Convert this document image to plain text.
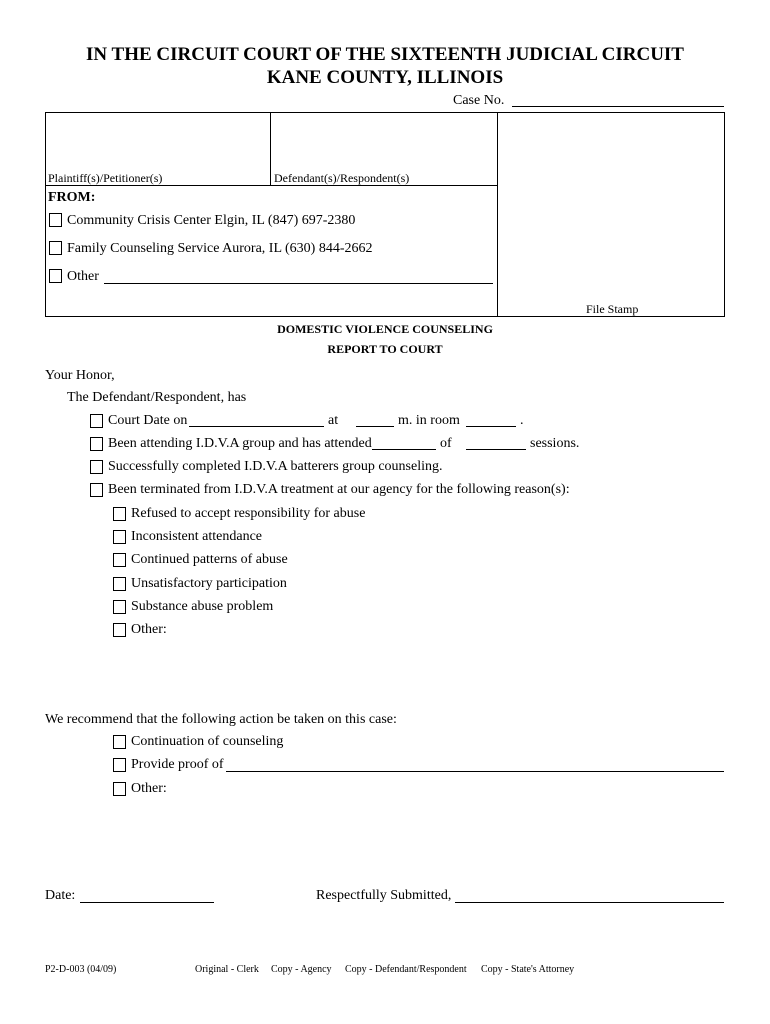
IN THE CIRCUIT COURT OF THE SIXTEENTH JUDICIAL CIRCUIT
KANE COUNTY, ILLINOIS
Case No.
Plaintiff(s)/Petitioner(s)	Defendant(s)/Respondent(s)
FROM:
Community Crisis Center Elgin, IL (847) 697-2380
Family Counseling Service Aurora, IL (630) 844-2662
Other
File Stamp
DOMESTIC VIOLENCE COUNSELING
REPORT TO COURT
Your Honor,
The Defendant/Respondent, has
Court Date on	at	m. in room	.
Been attending I.D.V.A group and has attended	of	sessions.
Successfully completed I.D.V.A batterers group counseling.
Been terminated from I.D.V.A treatment at our agency for the following reason(s):
Refused to accept responsibility for abuse
Inconsistent attendance
Continued patterns of abuse
Unsatisfactory participation
Substance abuse problem
Other:
We recommend that the following action be taken on this case:
Continuation of counseling
Provide proof of
Other:
Date:	Respectfully Submitted,
P2-D-003 (04/09)	Original - Clerk Copy - Agency Copy - Defendant/Respondent Copy - State's Attorney
